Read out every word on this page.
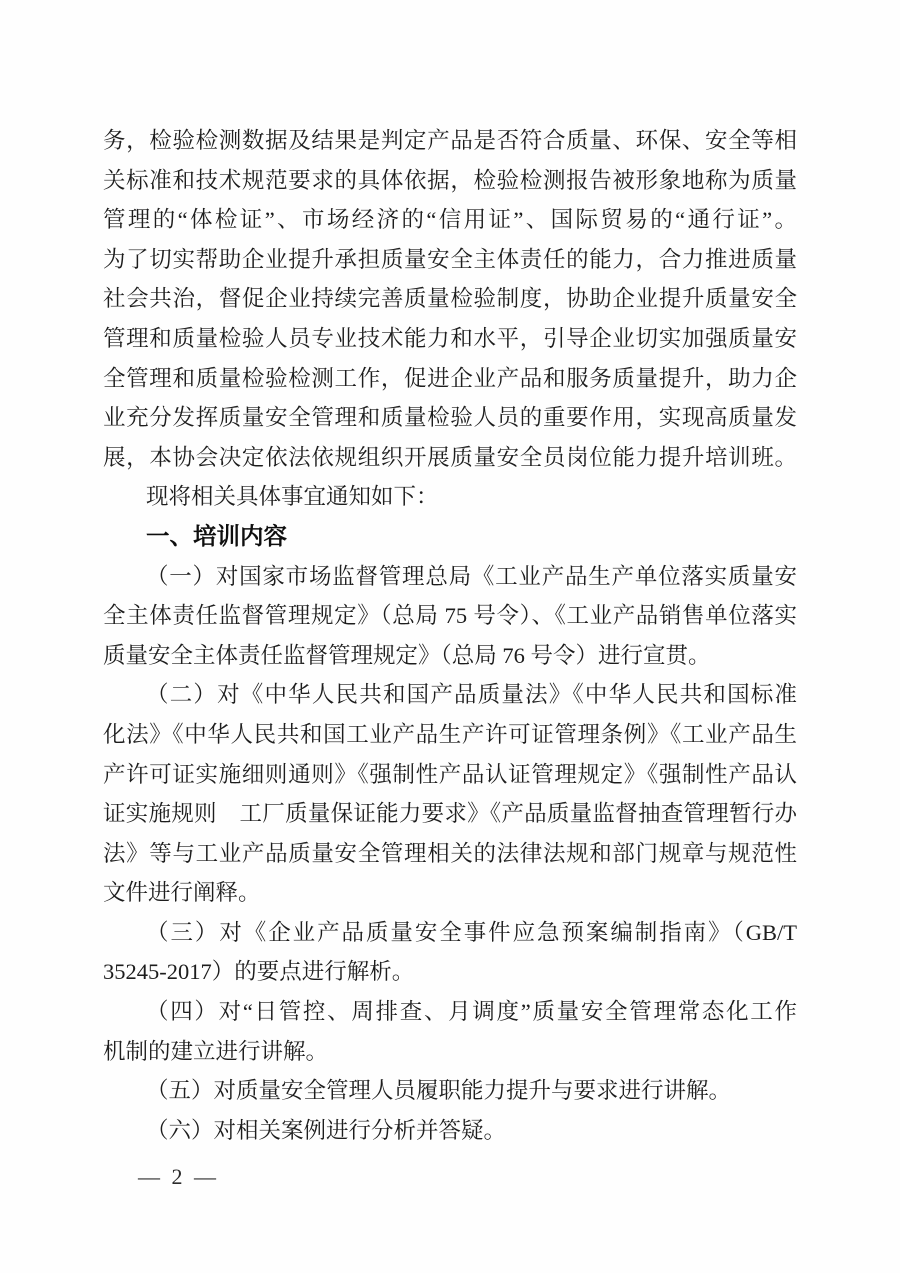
务，检验检测数据及结果是判定产品是否符合质量、环保、安全等相
关标准和技术规范要求的具体依据，检验检测报告被形象地称为质量
管理的“体检证”、市场经济的“信用证”、国际贸易的“通行证”。
为了切实帮助企业提升承担质量安全主体责任的能力，合力推进质量
社会共治，督促企业持续完善质量检验制度，协助企业提升质量安全
管理和质量检验人员专业技术能力和水平，引导企业切实加强质量安
全管理和质量检验检测工作，促进企业产品和服务质量提升，助力企
业充分发挥质量安全管理和质量检验人员的重要作用，实现高质量发
展，本协会决定依法依规组织开展质量安全员岗位能力提升培训班。
现将相关具体事宜通知如下：
一、培训内容
（一）对国家市场监督管理总局《工业产品生产单位落实质量安
全主体责任监督管理规定》（总局 75 号令）、《工业产品销售单位落实
质量安全主体责任监督管理规定》（总局 76 号令）进行宣贯。
（二）对《中华人民共和国产品质量法》《中华人民共和国标准
化法》《中华人民共和国工业产品生产许可证管理条例》《工业产品生
产许可证实施细则通则》《强制性产品认证管理规定》《强制性产品认
证实施规则　工厂质量保证能力要求》《产品质量监督抽查管理暂行办
法》等与工业产品质量安全管理相关的法律法规和部门规章与规范性
文件进行阐释。
（三）对《企业产品质量安全事件应急预案编制指南》（GB/T
35245-2017）的要点进行解析。
（四）对“日管控、周排查、月调度”质量安全管理常态化工作
机制的建立进行讲解。
（五）对质量安全管理人员履职能力提升与要求进行讲解。
（六）对相关案例进行分析并答疑。
— 2 —
